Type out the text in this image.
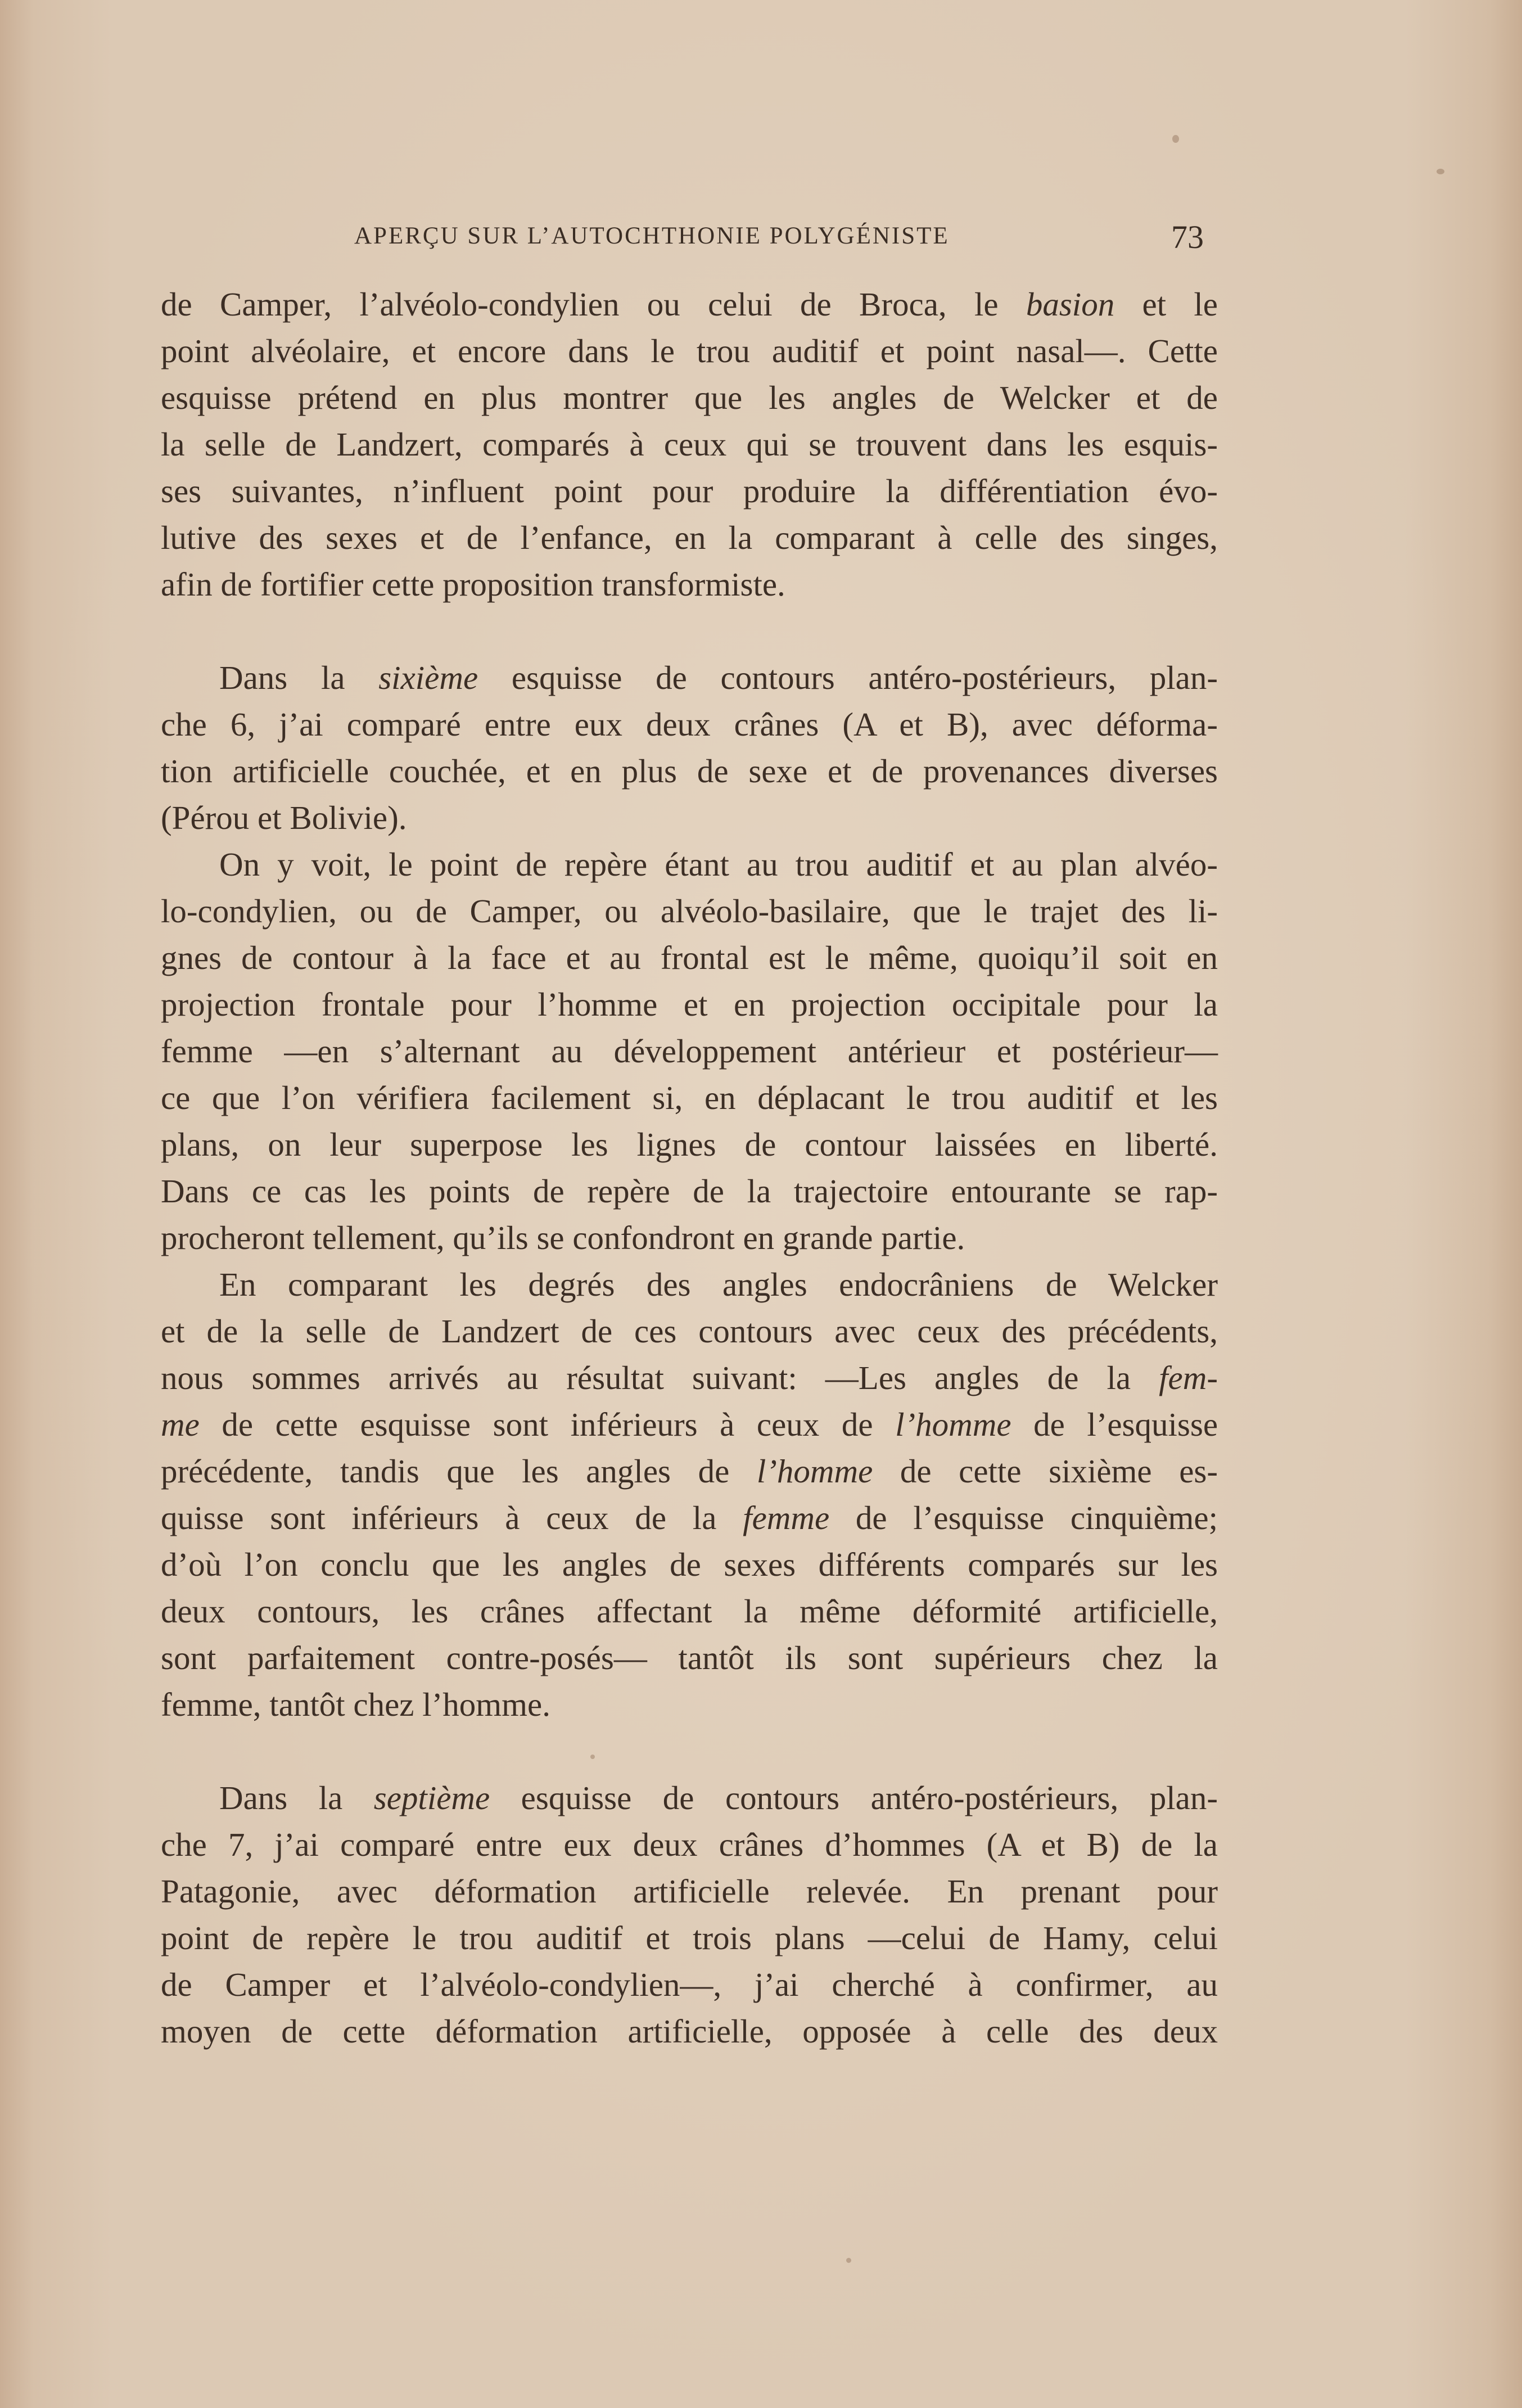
APERÇU SUR L’AUTOCHTHONIE POLYGÉNISTE	73
de Camper, l’alvéolo-condylien ou celui de Broca, le basion et le
point alvéolaire, et encore dans le trou auditif et point nasal—. Cette
esquisse prétend en plus montrer que les angles de Welcker et de
la selle de Landzert, comparés à ceux qui se trouvent dans les esquis-
ses suivantes, n’influent point pour produire la différentiation évo-
lutive des sexes et de l’enfance, en la comparant à celle des singes,
afin de fortifier cette proposition transformiste.
Dans la sixième esquisse de contours antéro-postérieurs, plan-
che 6, j’ai comparé entre eux deux crânes (A et B), avec déforma-
tion artificielle couchée, et en plus de sexe et de provenances diverses
(Pérou et Bolivie).
On y voit, le point de repère étant au trou auditif et au plan alvéo-
lo-condylien, ou de Camper, ou alvéolo-basilaire, que le trajet des li-
gnes de contour à la face et au frontal est le même, quoiqu’il soit en
projection frontale pour l’homme et en projection occipitale pour la
femme —en s’alternant au développement antérieur et postérieur—
ce que l’on vérifiera facilement si, en déplacant le trou auditif et les
plans, on leur superpose les lignes de contour laissées en liberté.
Dans ce cas les points de repère de la trajectoire entourante se rap-
procheront tellement, qu’ils se confondront en grande partie.
En comparant les degrés des angles endocrâniens de Welcker
et de la selle de Landzert de ces contours avec ceux des précédents,
nous sommes arrivés au résultat suivant: —Les angles de la fem-
me de cette esquisse sont inférieurs à ceux de l’homme de l’esquisse
précédente, tandis que les angles de l’homme de cette sixième es-
quisse sont inférieurs à ceux de la femme de l’esquisse cinquième;
d’où l’on conclu que les angles de sexes différents comparés sur les
deux contours, les crânes affectant la même déformité artificielle,
sont parfaitement contre-posés— tantôt ils sont supérieurs chez la
femme, tantôt chez l’homme.
Dans la septième esquisse de contours antéro-postérieurs, plan-
che 7, j’ai comparé entre eux deux crânes d’hommes (A et B) de la
Patagonie, avec déformation artificielle relevée. En prenant pour
point de repère le trou auditif et trois plans —celui de Hamy, celui
de Camper et l’alvéolo-condylien—, j’ai cherché à confirmer, au
moyen de cette déformation artificielle, opposée à celle des deux
